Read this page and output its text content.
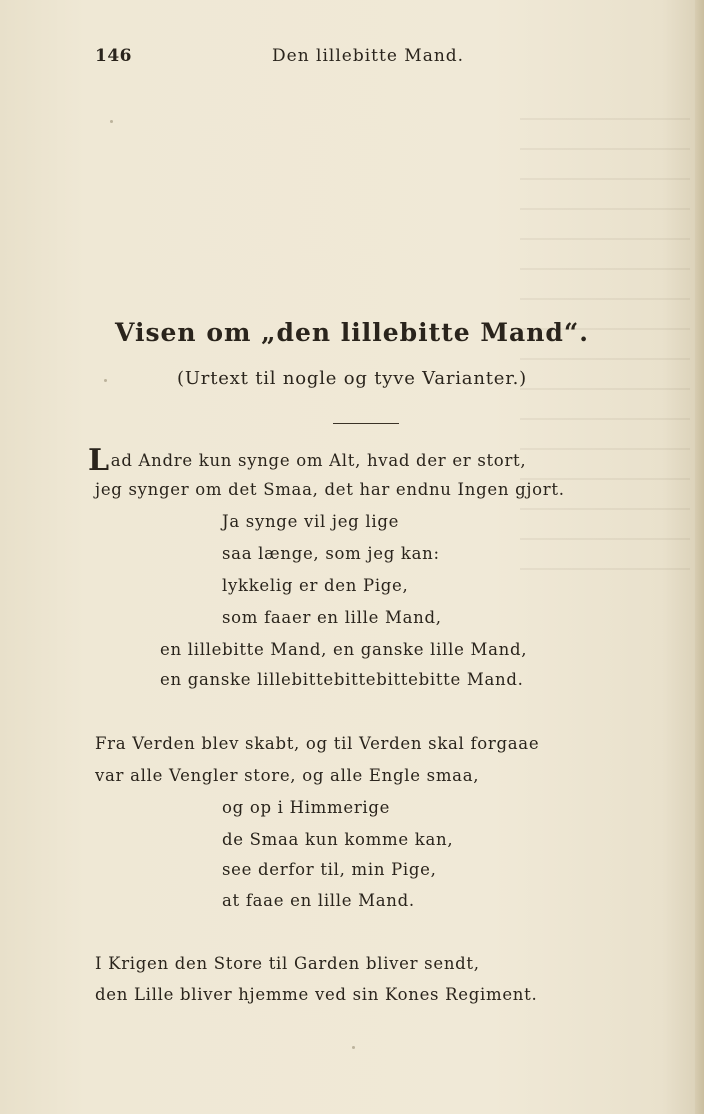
146	Den lillebitte Mand.
Visen om „den lillebitte Mand“.
(Urtext til nogle og tyve Varianter.)
Lad Andre kun synge om Alt, hvad der er stort,
jeg synger om det Smaa, det har endnu Ingen gjort.
Ja synge vil jeg lige
saa længe, som jeg kan:
lykkelig er den Pige,
som faaer en lille Mand,
en lillebitte Mand, en ganske lille Mand,
en ganske lillebittebittebittebitte Mand.
Fra Verden blev skabt, og til Verden skal forgaae
var alle Vengler store, og alle Engle smaa,
og op i Himmerige
de Smaa kun komme kan,
see derfor til, min Pige,
at faae en lille Mand.
I Krigen den Store til Garden bliver sendt,
den Lille bliver hjemme ved sin Kones Regiment.
